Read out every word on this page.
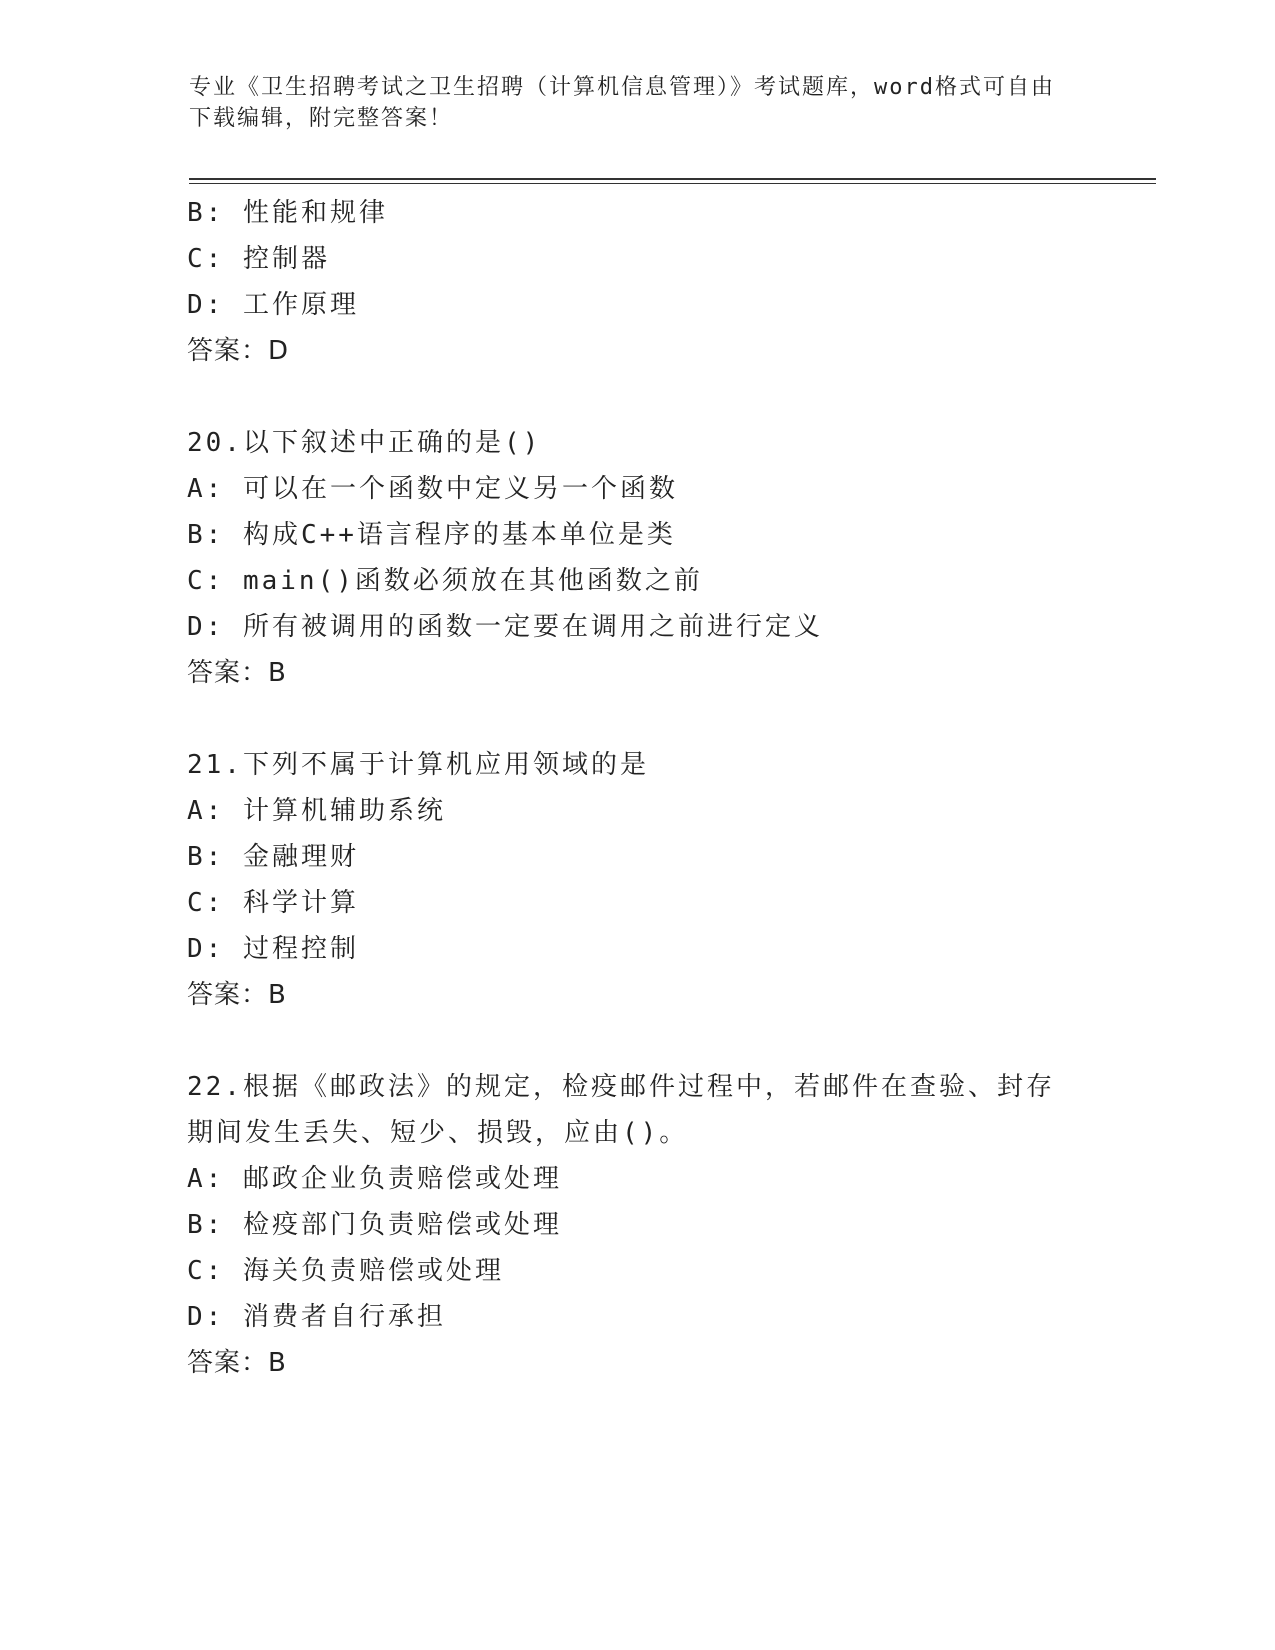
专业《卫生招聘考试之卫生招聘（计算机信息管理）》考试题库，word格式可自由下载编辑，附完整答案！
B: 性能和规律
C: 控制器
D: 工作原理
答案：D
20.以下叙述中正确的是()
A: 可以在一个函数中定义另一个函数
B: 构成C++语言程序的基本单位是类
C: main()函数必须放在其他函数之前
D: 所有被调用的函数一定要在调用之前进行定义
答案：B
21.下列不属于计算机应用领域的是
A: 计算机辅助系统
B: 金融理财
C: 科学计算
D: 过程控制
答案：B
22.根据《邮政法》的规定，检疫邮件过程中，若邮件在查验、封存期间发生丢失、短少、损毁，应由()。
A: 邮政企业负责赔偿或处理
B: 检疫部门负责赔偿或处理
C: 海关负责赔偿或处理
D: 消费者自行承担
答案：B
